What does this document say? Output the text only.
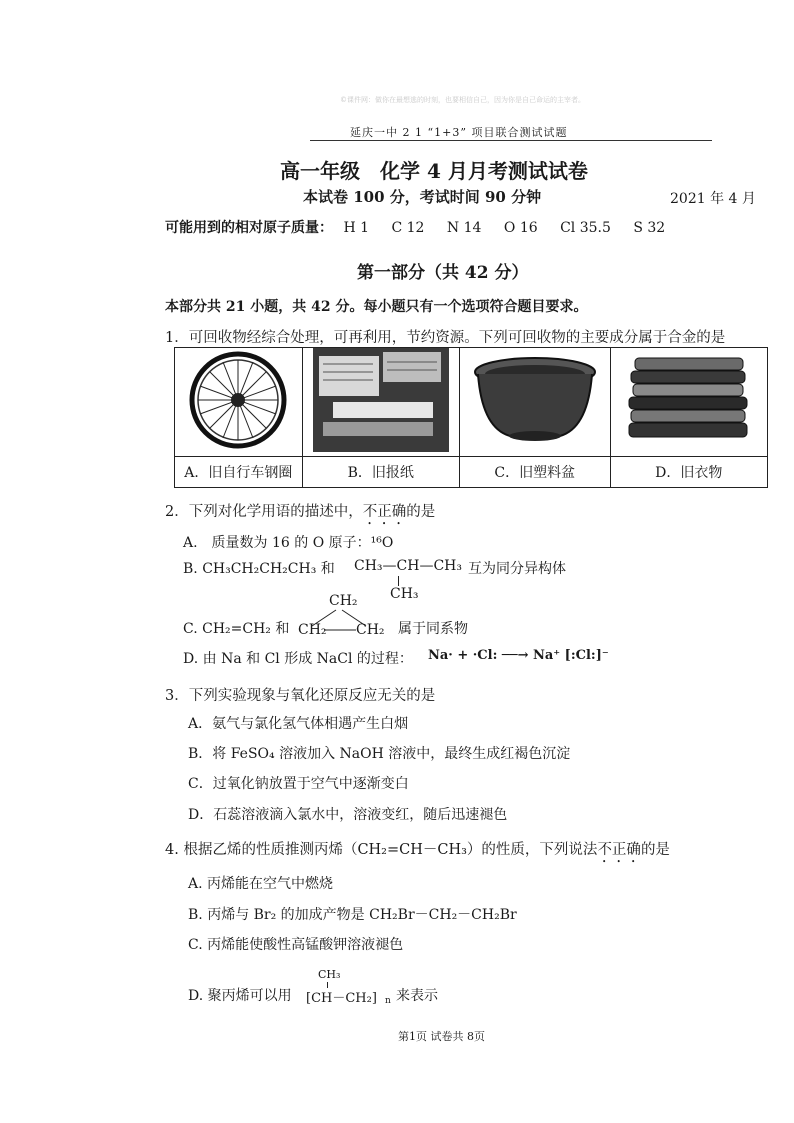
©课件网：做你在最想逃的时刻，也要相信自己，因为你是自己命运的主宰者。
延庆一中 2 1 “1+3” 项目联合测试试题
高一年级　化学 4 月月考测试试卷
本试卷 100 分，考试时间 90 分钟	2021 年 4 月
可能用到的相对原子质量： H 1 C 12 N 14 O 16 Cl 35.5 S 32
第一部分（共 42 分）
本部分共 21 小题，共 42 分。每小题只有一个选项符合题目要求。
1．可回收物经综合处理，可再利用，节约资源。下列可回收物的主要成分属于合金的是

A．旧自行车钢圈	B．旧报纸	C．旧塑料盆	D．旧衣物
2．下列对化学用语的描述中，不正确的是
A.　质量数为 16 的 O 原子：¹⁶O
B. CH₃CH₂CH₂CH₃ 和 CH₃—CH—CH₃
CH₃
互为同分异构体
C. CH₂=CH₂ 和
CH₂
CH₂ CH₂ 属于同系物
D. 由 Na 和 Cl 形成 NaCl 的过程： Na· + ·Cl: ──→ Na⁺ [:Cl:]⁻
3．下列实验现象与氧化还原反应无关的是
A．氨气与氯化氢气体相遇产生白烟
B．将 FeSO₄ 溶液加入 NaOH 溶液中，最终生成红褐色沉淀
C．过氧化钠放置于空气中逐渐变白
D．石蕊溶液滴入氯水中，溶液变红，随后迅速褪色
4. 根据乙烯的性质推测丙烯（CH₂=CH－CH₃）的性质，下列说法不正确的是
A. 丙烯能在空气中燃烧
B. 丙烯与 Br₂ 的加成产物是 CH₂Br－CH₂－CH₂Br
C. 丙烯能使酸性高锰酸钾溶液褪色
D. 聚丙烯可以用
CH₃
[CH－CH₂] n 来表示
第1页 试卷共 8页
